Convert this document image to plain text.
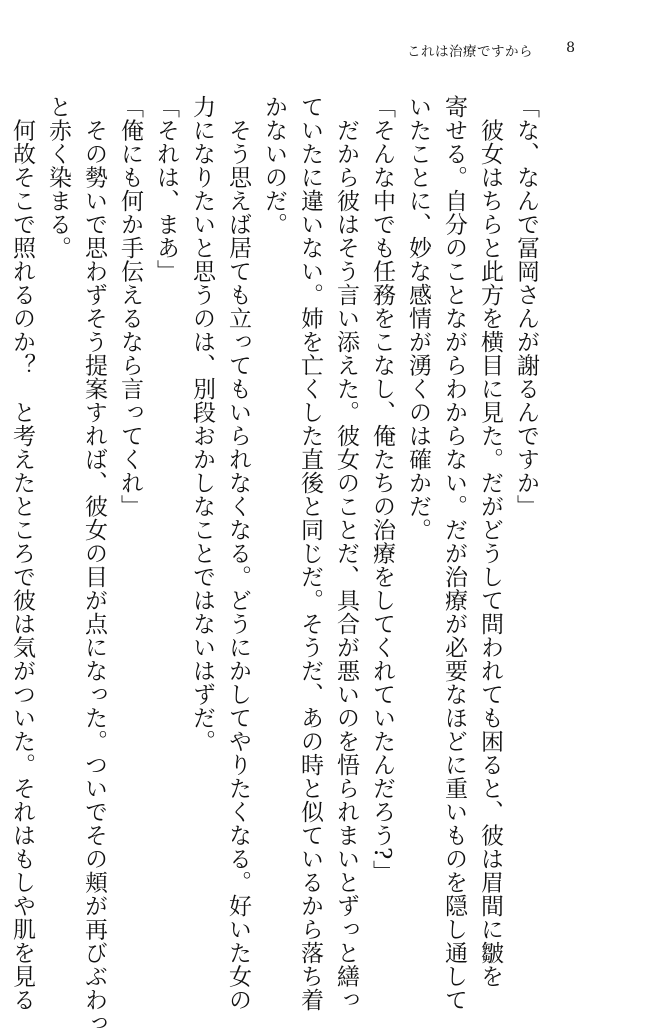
これは治療ですから 8
「な、なんで冨岡さんが謝るんですか」
　彼女はちらと此方を横目に見た。だがどうして問われても困ると、彼は眉間に皺を
寄せる。自分のことながらわからない。だが治療が必要なほどに重いものを隠し通して
いたことに、妙な感情が湧くのは確かだ。
「そんな中でも任務をこなし、俺たちの治療をしてくれていたんだろう?」
　だから彼はそう言い添えた。彼女のことだ、具合が悪いのを悟られまいとずっと繕っ
ていたに違いない。姉を亡くした直後と同じだ。そうだ、あの時と似ているから落ち着
かないのだ。
　そう思えば居ても立ってもいられなくなる。どうにかしてやりたくなる。好いた女の
力になりたいと思うのは、別段おかしなことではないはずだ。
「それは、まあ」
「俺にも何か手伝えるなら言ってくれ」
　その勢いで思わずそう提案すれば、彼女の目が点になった。ついでその頬が再びぶわっ
と赤く染まる。
　何故そこで照れるのか？　と考えたところで彼は気がついた。それはもしや肌を見る
